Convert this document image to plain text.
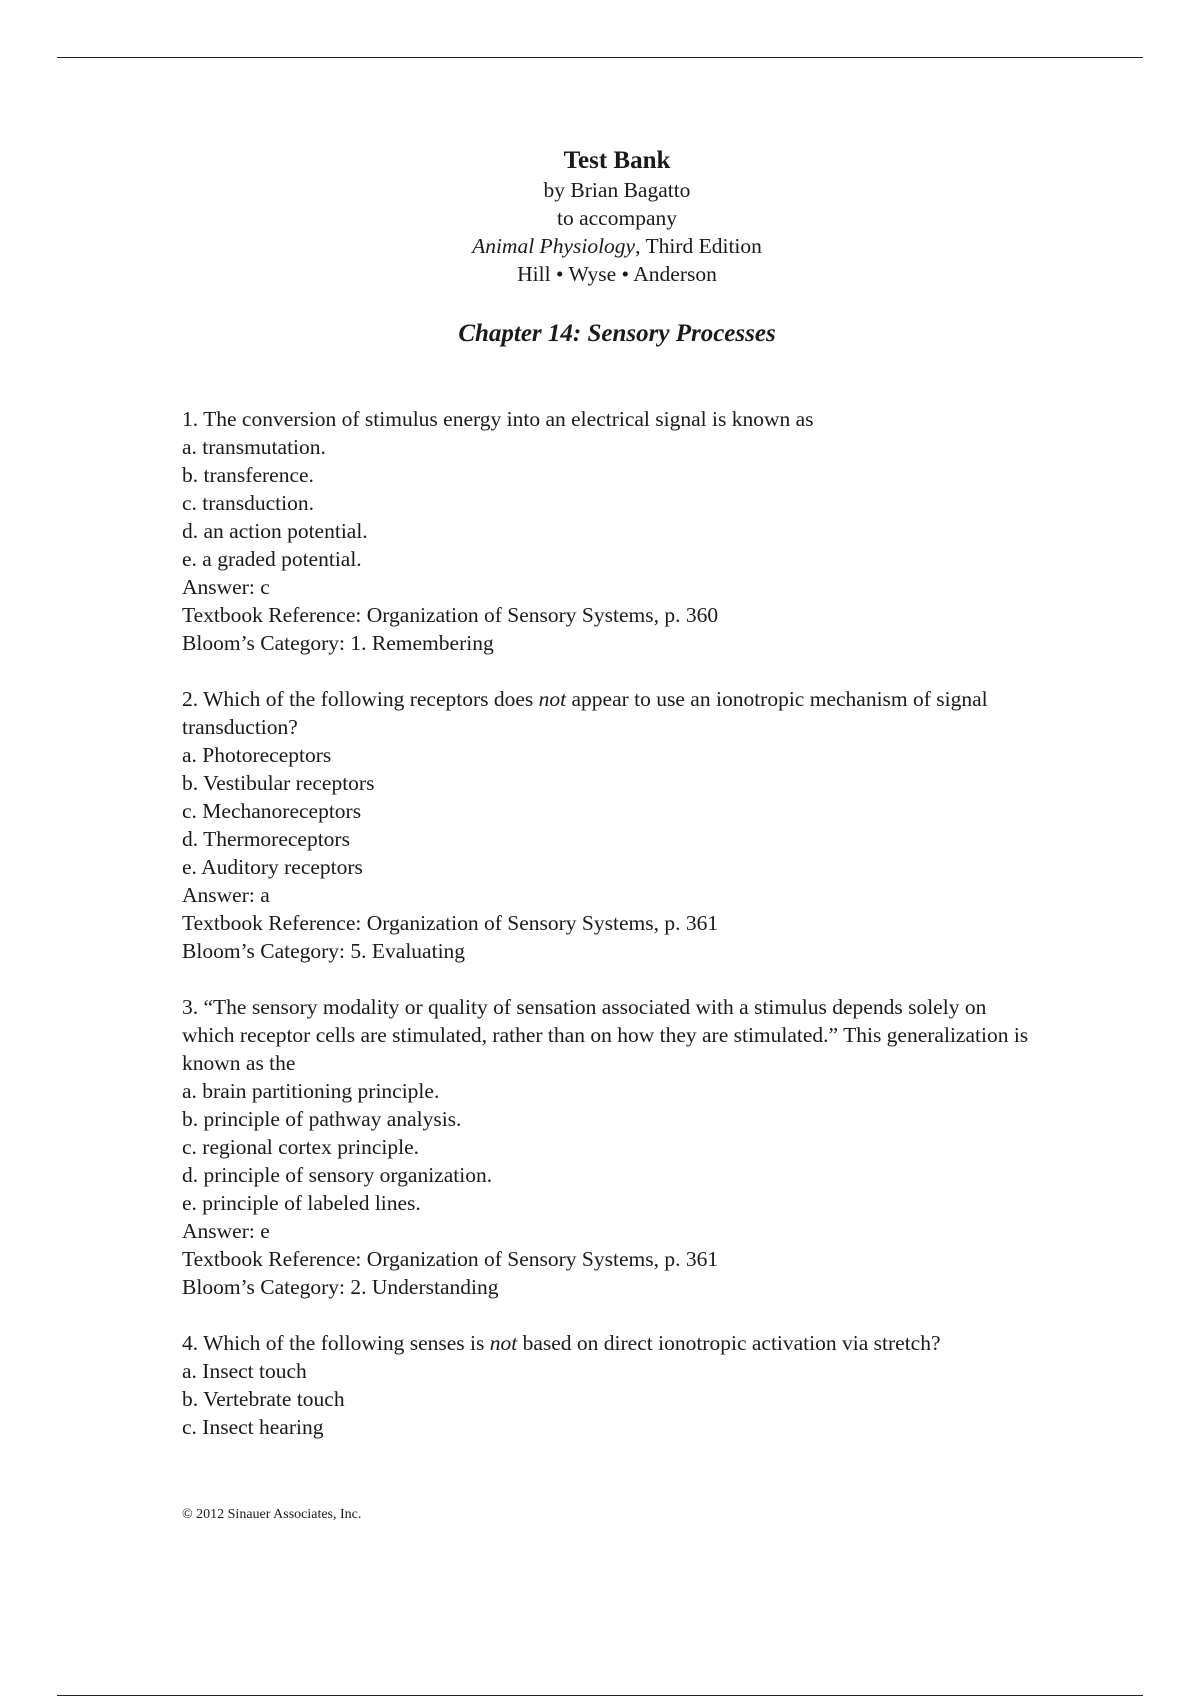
Test Bank
by Brian Bagatto
to accompany
Animal Physiology, Third Edition
Hill • Wyse • Anderson
Chapter 14: Sensory Processes
1. The conversion of stimulus energy into an electrical signal is known as
a. transmutation.
b. transference.
c. transduction.
d. an action potential.
e. a graded potential.
Answer: c
Textbook Reference: Organization of Sensory Systems, p. 360
Bloom’s Category: 1. Remembering
2. Which of the following receptors does not appear to use an ionotropic mechanism of signal transduction?
a. Photoreceptors
b. Vestibular receptors
c. Mechanoreceptors
d. Thermoreceptors
e. Auditory receptors
Answer: a
Textbook Reference: Organization of Sensory Systems, p. 361
Bloom’s Category: 5. Evaluating
3. “The sensory modality or quality of sensation associated with a stimulus depends solely on which receptor cells are stimulated, rather than on how they are stimulated.” This generalization is known as the
a. brain partitioning principle.
b. principle of pathway analysis.
c. regional cortex principle.
d. principle of sensory organization.
e. principle of labeled lines.
Answer: e
Textbook Reference: Organization of Sensory Systems, p. 361
Bloom’s Category: 2. Understanding
4. Which of the following senses is not based on direct ionotropic activation via stretch?
a. Insect touch
b. Vertebrate touch
c. Insect hearing
© 2012 Sinauer Associates, Inc.
